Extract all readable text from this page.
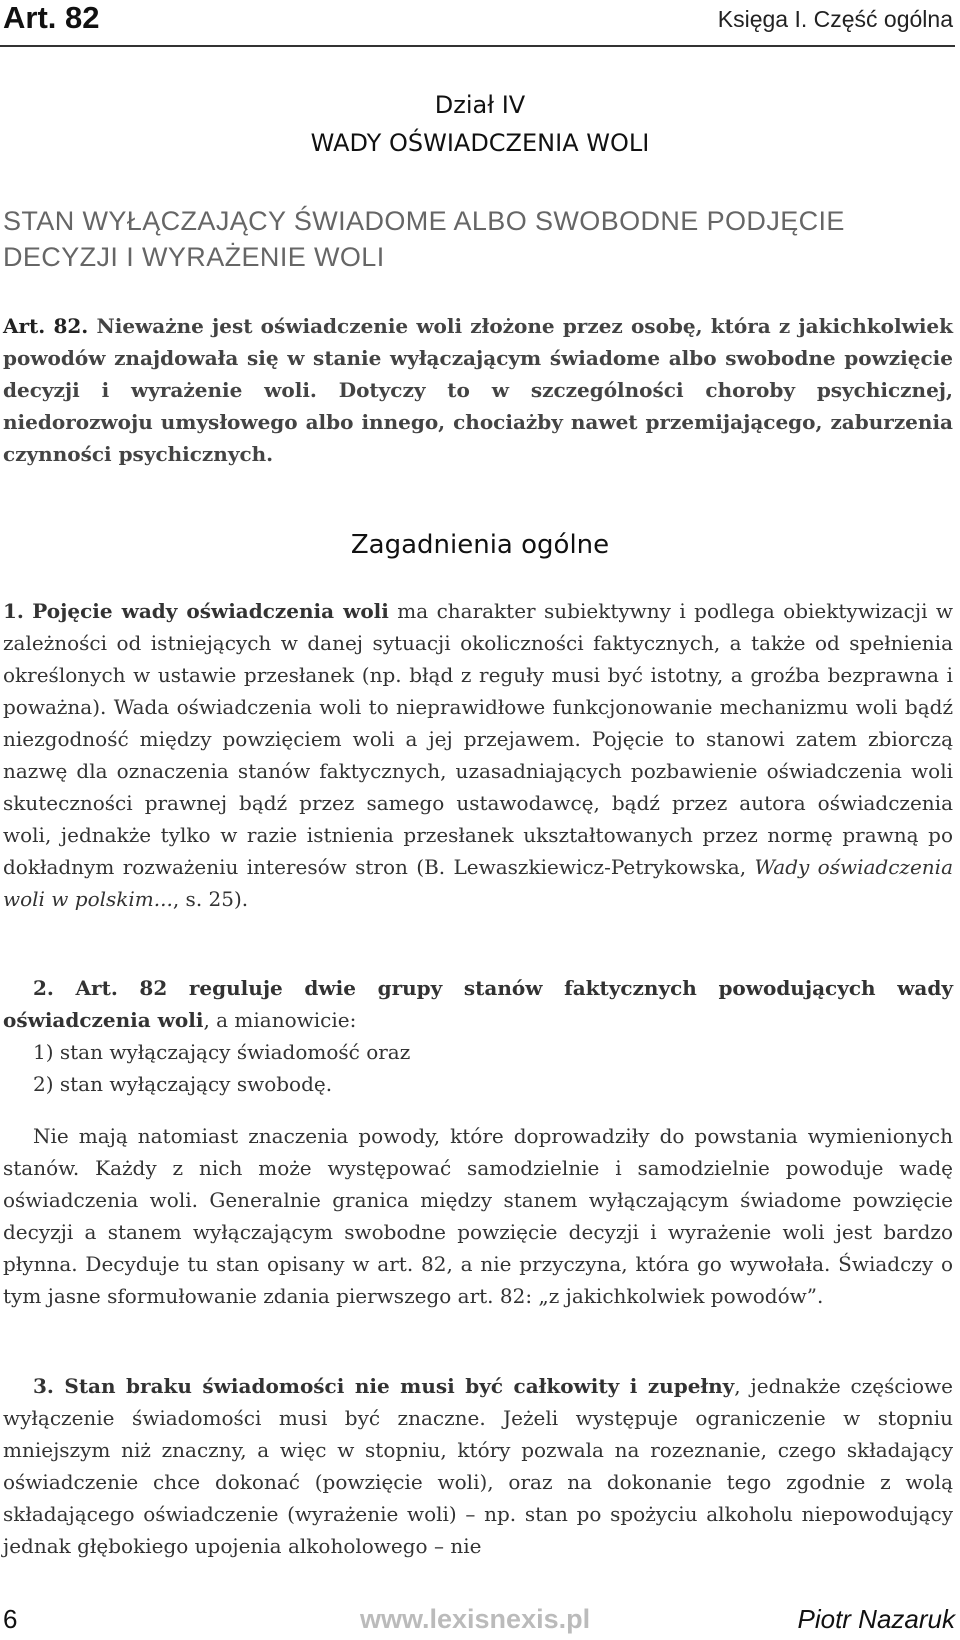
Art. 82	Księga I. Część ogólna
Dział IV
WADY OŚWIADCZENIA WOLI
STAN WYŁĄCZAJĄCY ŚWIADOME ALBO SWOBODNE PODJĘCIE DECYZJI I WYRAŻENIE WOLI
Art. 82. Nieważne jest oświadczenie woli złożone przez osobę, która z jakichkolwiek powodów znajdowała się w stanie wyłączającym świadome albo swobodne powzięcie decyzji i wyrażenie woli. Dotyczy to w szczególności choroby psychicznej, niedorozwoju umysłowego albo innego, chociażby nawet przemijającego, zaburzenia czynności psychicznych.
Zagadnienia ogólne
1. Pojęcie wady oświadczenia woli ma charakter subiektywny i podlega obiektywizacji w zależności od istniejących w danej sytuacji okoliczności faktycznych, a także od spełnienia określonych w ustawie przesłanek (np. błąd z reguły musi być istotny, a groźba bezprawna i poważna). Wada oświadczenia woli to nieprawidłowe funkcjonowanie mechanizmu woli bądź niezgodność między powzięciem woli a jej przejawem. Pojęcie to stanowi zatem zbiorczą nazwę dla oznaczenia stanów faktycznych, uzasadniających pozbawienie oświadczenia woli skuteczności prawnej bądź przez samego ustawodawcę, bądź przez autora oświadczenia woli, jednakże tylko w razie istnienia przesłanek ukształtowanych przez normę prawną po dokładnym rozważeniu interesów stron (B. Lewaszkiewicz-Petrykowska, Wady oświadczenia woli w polskim..., s. 25).
2. Art. 82 reguluje dwie grupy stanów faktycznych powodujących wady oświadczenia woli, a mianowicie:
1) stan wyłączający świadomość oraz
2) stan wyłączający swobodę.
Nie mają natomiast znaczenia powody, które doprowadziły do powstania wymienionych stanów. Każdy z nich może występować samodzielnie i samodzielnie powoduje wadę oświadczenia woli. Generalnie granica między stanem wyłączającym świadome powzięcie decyzji a stanem wyłączającym swobodne powzięcie decyzji i wyrażenie woli jest bardzo płynna. Decyduje tu stan opisany w art. 82, a nie przyczyna, która go wywołała. Świadczy o tym jasne sformułowanie zdania pierwszego art. 82: „z jakichkolwiek powodów”.
3. Stan braku świadomości nie musi być całkowity i zupełny, jednakże częściowe wyłączenie świadomości musi być znaczne. Jeżeli występuje ograniczenie w stopniu mniejszym niż znaczny, a więc w stopniu, który pozwala na rozeznanie, czego składający oświadczenie chce dokonać (powzięcie woli), oraz na dokonanie tego zgodnie z wolą składającego oświadczenie (wyrażenie woli) – np. stan po spożyciu alkoholu niepowodujący jednak głębokiego upojenia alkoholowego – nie
6	www.lexisnexis.pl	Piotr Nazaruk
